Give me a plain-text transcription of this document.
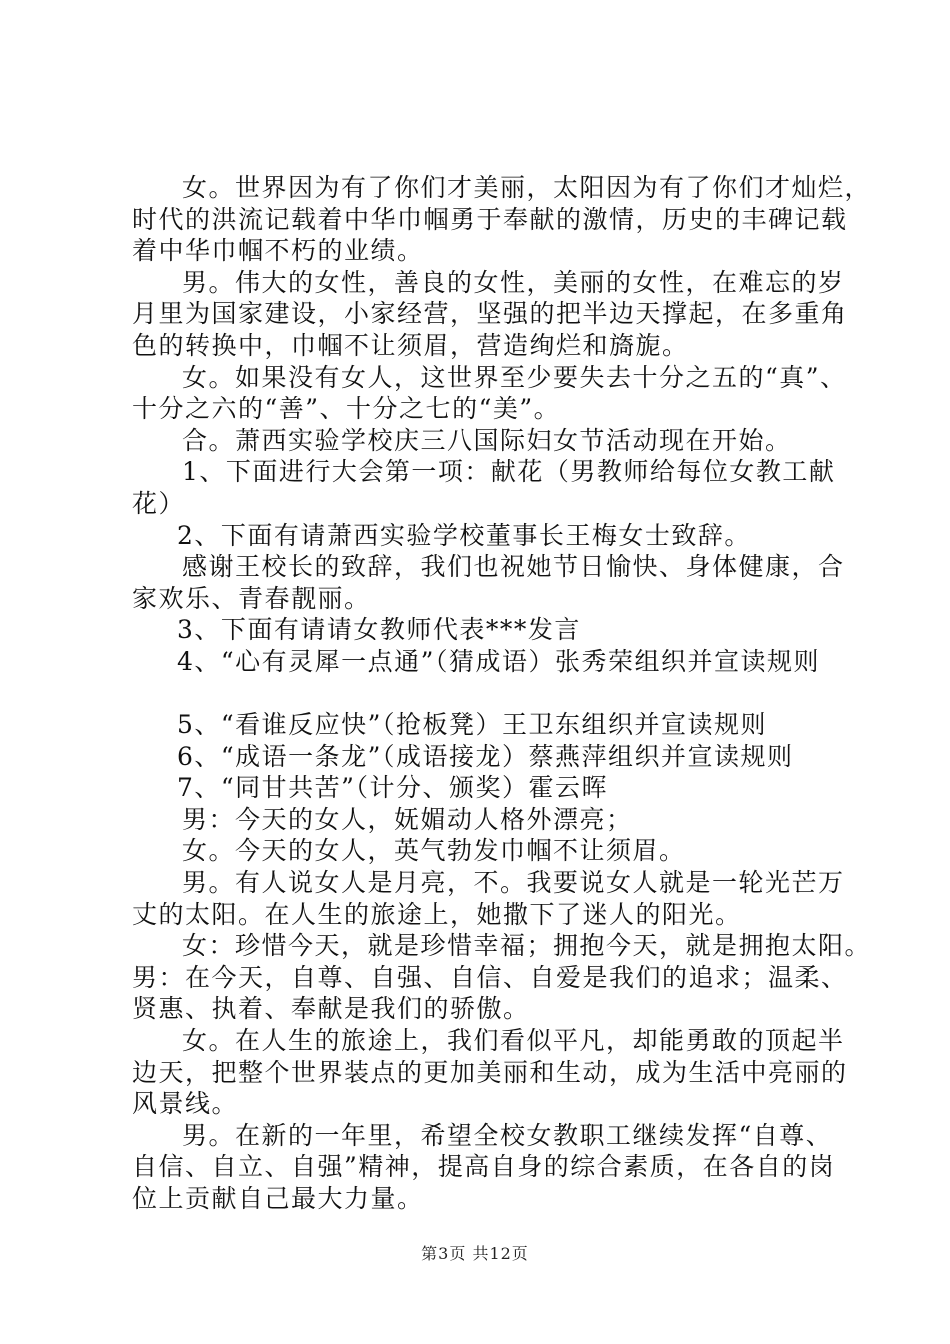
女。世界因为有了你们才美丽，太阳因为有了你们才灿烂，
时代的洪流记载着中华巾帼勇于奉献的激情，历史的丰碑记载
着中华巾帼不朽的业绩。
男。伟大的女性，善良的女性，美丽的女性，在难忘的岁
月里为国家建设，小家经营，坚强的把半边天撑起，在多重角
色的转换中，巾帼不让须眉，营造绚烂和旖旎。
女。如果没有女人，这世界至少要失去十分之五的“真”、
十分之六的“善”、十分之七的“美”。
合。萧西实验学校庆三八国际妇女节活动现在开始。
1、下面进行大会第一项：献花（男教师给每位女教工献
花）
2、下面有请萧西实验学校董事长王梅女士致辞。
感谢王校长的致辞，我们也祝她节日愉快、身体健康，合
家欢乐、青春靓丽。
3、下面有请请女教师代表***发言
4、“心有灵犀一点通”（猜成语）张秀荣组织并宣读规则
5、“看谁反应快”（抢板凳）王卫东组织并宣读规则
6、“成语一条龙”（成语接龙）蔡燕萍组织并宣读规则
7、“同甘共苦”（计分、颁奖）霍云晖
男：今天的女人，妩媚动人格外漂亮；
女。今天的女人，英气勃发巾帼不让须眉。
男。有人说女人是月亮，不。我要说女人就是一轮光芒万
丈的太阳。在人生的旅途上，她撒下了迷人的阳光。
女：珍惜今天，就是珍惜幸福；拥抱今天，就是拥抱太阳。
男：在今天，自尊、自强、自信、自爱是我们的追求；温柔、
贤惠、执着、奉献是我们的骄傲。
女。在人生的旅途上，我们看似平凡，却能勇敢的顶起半
边天，把整个世界装点的更加美丽和生动，成为生活中亮丽的
风景线。
男。在新的一年里，希望全校女教职工继续发挥“自尊、
自信、自立、自强”精神，提高自身的综合素质，在各自的岗
位上贡献自己最大力量。
第3页 共12页
